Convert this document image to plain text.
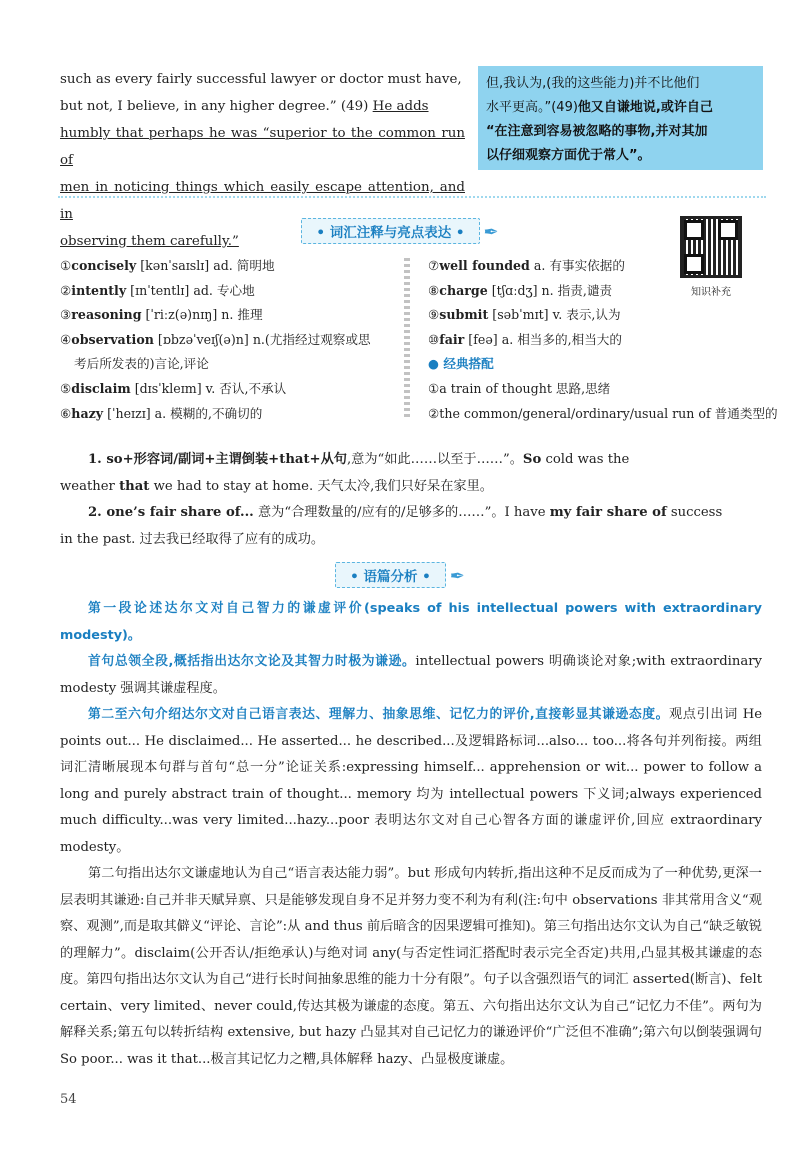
such as every fairly successful lawyer or doctor must have,
but not, I believe, in any higher degree.” (49) He adds
humbly that perhaps he was “superior to the common run of
men in noticing things which easily escape attention, and in
observing them carefully.”
但,我认为,(我的这些能力)并不比他们
水平更高。”(49)他又自谦地说,或许自己
“在注意到容易被忽略的事物,并对其加
以仔细观察方面优于常人”。
• 词汇注释与亮点表达 • ✒
知识补充
①concisely [kənˈsaɪslɪ] ad. 简明地
②intently [ɪnˈtentlɪ] ad. 专心地
③reasoning [ˈriːz(ə)nɪŋ] n. 推理
④observation [ɒbzəˈveɪʃ(ə)n] n.(尤指经过观察或思
考后所发表的)言论,评论
⑤disclaim [dɪsˈkleɪm] v. 否认,不承认
⑥hazy [ˈheɪzɪ] a. 模糊的,不确切的
⑦well founded a. 有事实依据的
⑧charge [tʃɑːdʒ] n. 指责,谴责
⑨submit [səbˈmɪt] v. 表示,认为
⑩fair [feə] a. 相当多的,相当大的
● 经典搭配
①a train of thought 思路,思绪
②the common/general/ordinary/usual run of 普通类型的
1. so+形容词/副词+主谓倒装+that+从句,意为“如此……以至于……”。So cold was the
weather that we had to stay at home. 天气太冷,我们只好呆在家里。
2. one’s fair share of... 意为“合理数量的/应有的/足够多的……”。I have my fair share of success
in the past. 过去我已经取得了应有的成功。
• 语篇分析 • ✒
第一段论述达尔文对自己智力的谦虚评价(speaks of his intellectual powers with extraordinary modesty)。
首句总领全段,概括指出达尔文论及其智力时极为谦逊。intellectual powers 明确谈论对象;with extraordinary modesty 强调其谦虚程度。
第二至六句介绍达尔文对自己语言表达、理解力、抽象思维、记忆力的评价,直接彰显其谦逊态度。观点引出词 He points out... He disclaimed... He asserted... he described...及逻辑路标词...also... too...将各句并列衔接。两组词汇清晰展现本句群与首句“总一分”论证关系:expressing himself... apprehension or wit... power to follow a long and purely abstract train of thought... memory 均为 intellectual powers 下义词;always experienced much difficulty...was very limited...hazy...poor 表明达尔文对自己心智各方面的谦虚评价,回应 extraordinary modesty。
第二句指出达尔文谦虚地认为自己“语言表达能力弱”。but 形成句内转折,指出这种不足反而成为了一种优势,更深一层表明其谦逊:自己并非天赋异禀、只是能够发现自身不足并努力变不利为有利(注:句中 observations 非其常用含义“观察、观测”,而是取其僻义“评论、言论”:从 and thus 前后暗含的因果逻辑可推知)。第三句指出达尔文认为自己“缺乏敏锐的理解力”。disclaim(公开否认/拒绝承认)与绝对词 any(与否定性词汇搭配时表示完全否定)共用,凸显其极其谦虚的态度。第四句指出达尔文认为自己“进行长时间抽象思维的能力十分有限”。句子以含强烈语气的词汇 asserted(断言)、felt certain、very limited、never could,传达其极为谦虚的态度。第五、六句指出达尔文认为自己“记忆力不佳”。两句为解释关系;第五句以转折结构 extensive, but hazy 凸显其对自己记忆力的谦逊评价“广泛但不准确”;第六句以倒装强调句 So poor... was it that...极言其记忆力之糟,具体解释 hazy、凸显极度谦虚。
54
